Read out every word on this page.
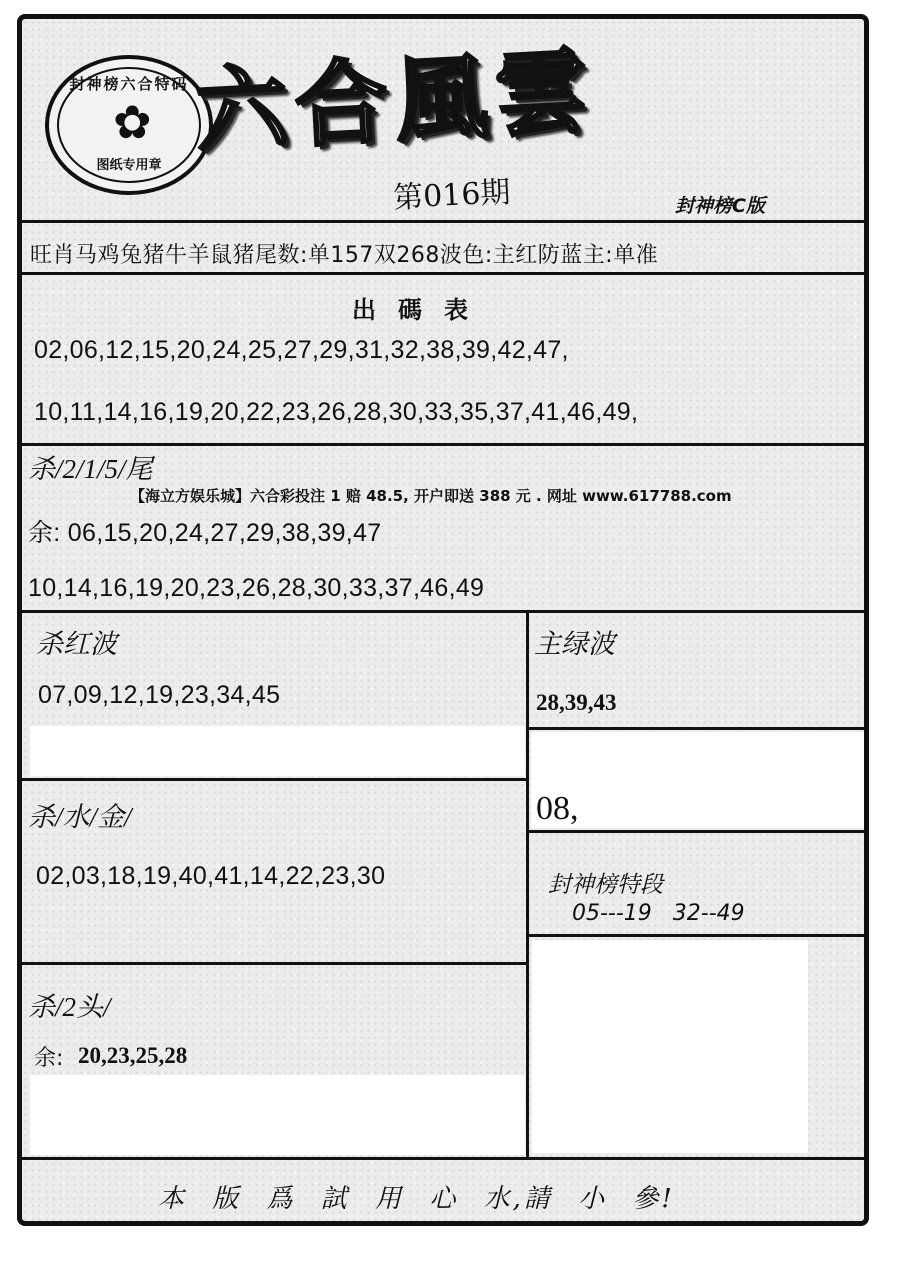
封神榜六合特码
✿
图纸专用章
六合風雲
第016期	封神榜C版
旺肖马鸡兔猪牛羊鼠猪尾数:单157双268波色:主红防蓝主:单准
出碼表
02,06,12,15,20,24,25,27,29,31,32,38,39,42,47,
10,11,14,16,19,20,22,23,26,28,30,33,35,37,41,46,49,
杀/2/1/5/尾
【海立方娱乐城】六合彩投注 1 赔 48.5, 开户即送 388 元 . 网址 www.617788.com
余: 06,15,20,24,27,29,38,39,47
10,14,16,19,20,23,26,28,30,33,37,46,49
杀红波
07,09,12,19,23,34,45
杀/水/金/
02,03,18,19,40,41,14,22,23,30
杀/2头/
余: 20,23,25,28
主绿波
28,39,43
08,
封神榜特段
05---19   32--49
本 版 爲 試 用 心 水,請 小 參!
